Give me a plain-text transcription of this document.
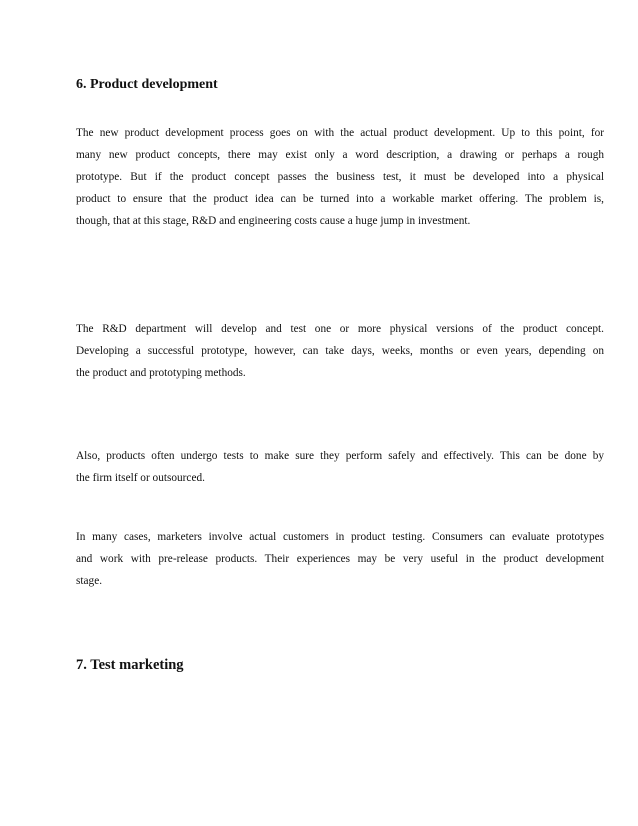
6. Product development
The new product development process goes on with the actual product development. Up to this point, for
many new product concepts, there may exist only a word description, a drawing or perhaps a rough
prototype. But if the product concept passes the business test, it must be developed into a physical
product to ensure that the product idea can be turned into a workable market offering. The problem is,
though, that at this stage, R&D and engineering costs cause a huge jump in investment.
The R&D department will develop and test one or more physical versions of the product concept.
Developing a successful prototype, however, can take days, weeks, months or even years, depending on
the product and prototyping methods.
Also, products often undergo tests to make sure they perform safely and effectively. This can be done by
the firm itself or outsourced.
In many cases, marketers involve actual customers in product testing. Consumers can evaluate prototypes
and work with pre-release products. Their experiences may be very useful in the product development
stage.
7. Test marketing
